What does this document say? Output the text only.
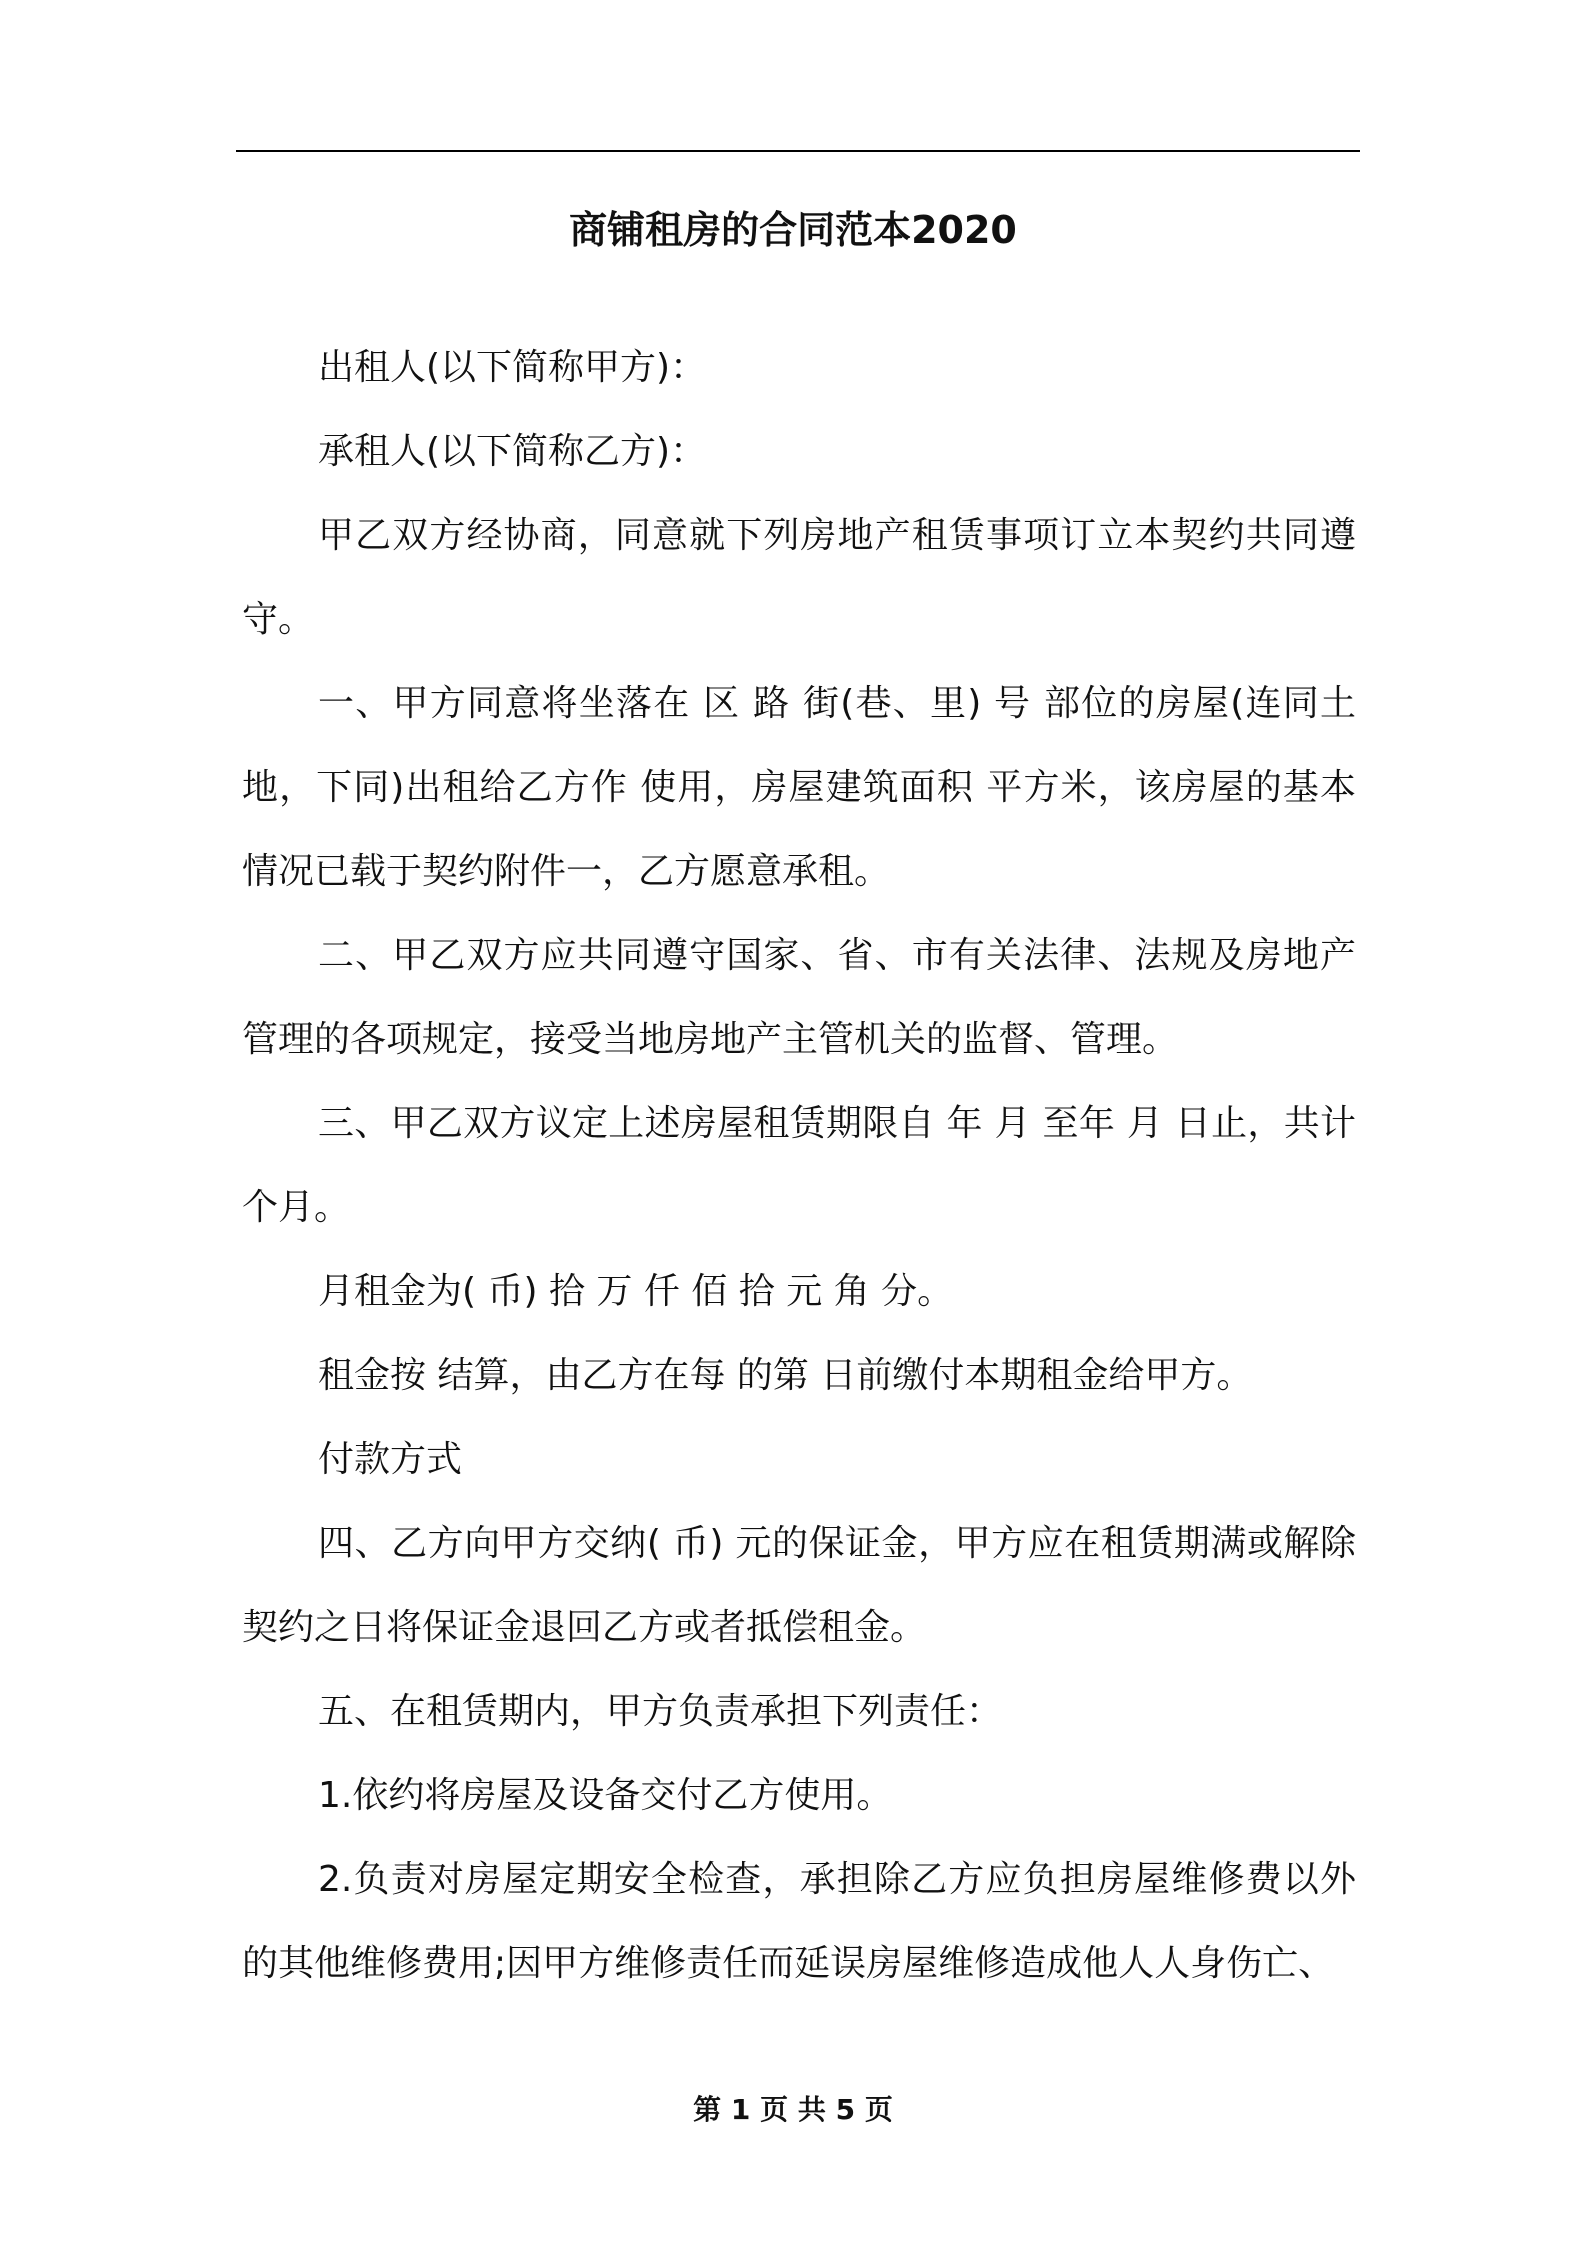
商铺租房的合同范本2020

出租人(以下简称甲方)：

承租人(以下简称乙方)：

甲乙双方经协商，同意就下列房地产租赁事项订立本契约共同遵守。

一、甲方同意将坐落在 区 路 街(巷、里) 号 部位的房屋(连同土地，下同)出租给乙方作 使用，房屋建筑面积 平方米，该房屋的基本情况已载于契约附件一，乙方愿意承租。

二、甲乙双方应共同遵守国家、省、市有关法律、法规及房地产管理的各项规定，接受当地房地产主管机关的监督、管理。

三、甲乙双方议定上述房屋租赁期限自 年 月 至年 月 日止，共计 个月。

月租金为( 币) 拾 万 仟 佰 拾 元 角 分。

租金按 结算，由乙方在每 的第 日前缴付本期租金给甲方。

付款方式

四、乙方向甲方交纳( 币) 元的保证金，甲方应在租赁期满或解除契约之日将保证金退回乙方或者抵偿租金。

五、在租赁期内，甲方负责承担下列责任：

1.依约将房屋及设备交付乙方使用。

2.负责对房屋定期安全检查，承担除乙方应负担房屋维修费以外的其他维修费用;因甲方维修责任而延误房屋维修造成他人人身伤亡、

第 1 页 共 5 页
